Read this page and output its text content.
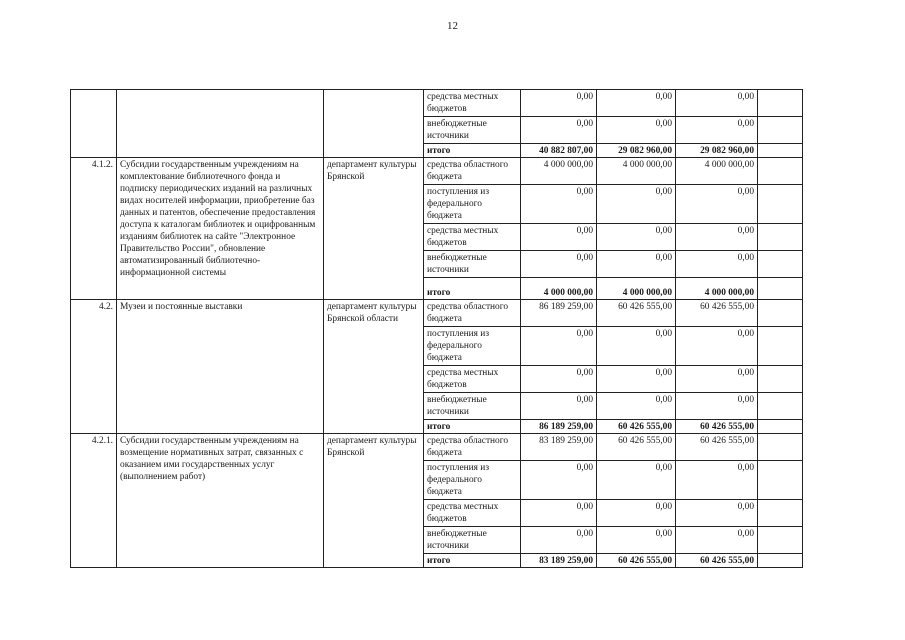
12
			средства местных бюджетов	0,00	0,00	0,00	
			внебюджетные источники	0,00	0,00	0,00	
			итого	40 882 807,00	29 082 960,00	29 082 960,00	
4.1.2.	Субсидии государственным учреждениям на комплектование библиотечного фонда и подписку периодических изданий на различных видах носителей информации, приобретение баз данных и патентов, обеспечение предоставления доступа к каталогам библиотек и оцифрованным изданиям библиотек на сайте "Электронное Правительство России", обновление автоматизированный библиотечно-информационной системы	департамент культуры Брянской	средства областного бюджета	4 000 000,00	4 000 000,00	4 000 000,00	
			поступления из федерального бюджета	0,00	0,00	0,00	
			средства местных бюджетов	0,00	0,00	0,00	
			внебюджетные источники	0,00	0,00	0,00	
			итого	4 000 000,00	4 000 000,00	4 000 000,00	
4.2.	Музеи и постоянные выставки	департамент культуры Брянской области	средства областного бюджета	86 189 259,00	60 426 555,00	60 426 555,00	
			поступления из федерального бюджета	0,00	0,00	0,00	
			средства местных бюджетов	0,00	0,00	0,00	
			внебюджетные источники	0,00	0,00	0,00	
			итого	86 189 259,00	60 426 555,00	60 426 555,00	
4.2.1.	Субсидии государственным учреждениям на возмещение нормативных затрат, связанных с оказанием ими государственных услуг (выполнением работ)	департамент культуры Брянской	средства областного бюджета	83 189 259,00	60 426 555,00	60 426 555,00	
			поступления из федерального бюджета	0,00	0,00	0,00	
			средства местных бюджетов	0,00	0,00	0,00	
			внебюджетные источники	0,00	0,00	0,00	
			итого	83 189 259,00	60 426 555,00	60 426 555,00	
